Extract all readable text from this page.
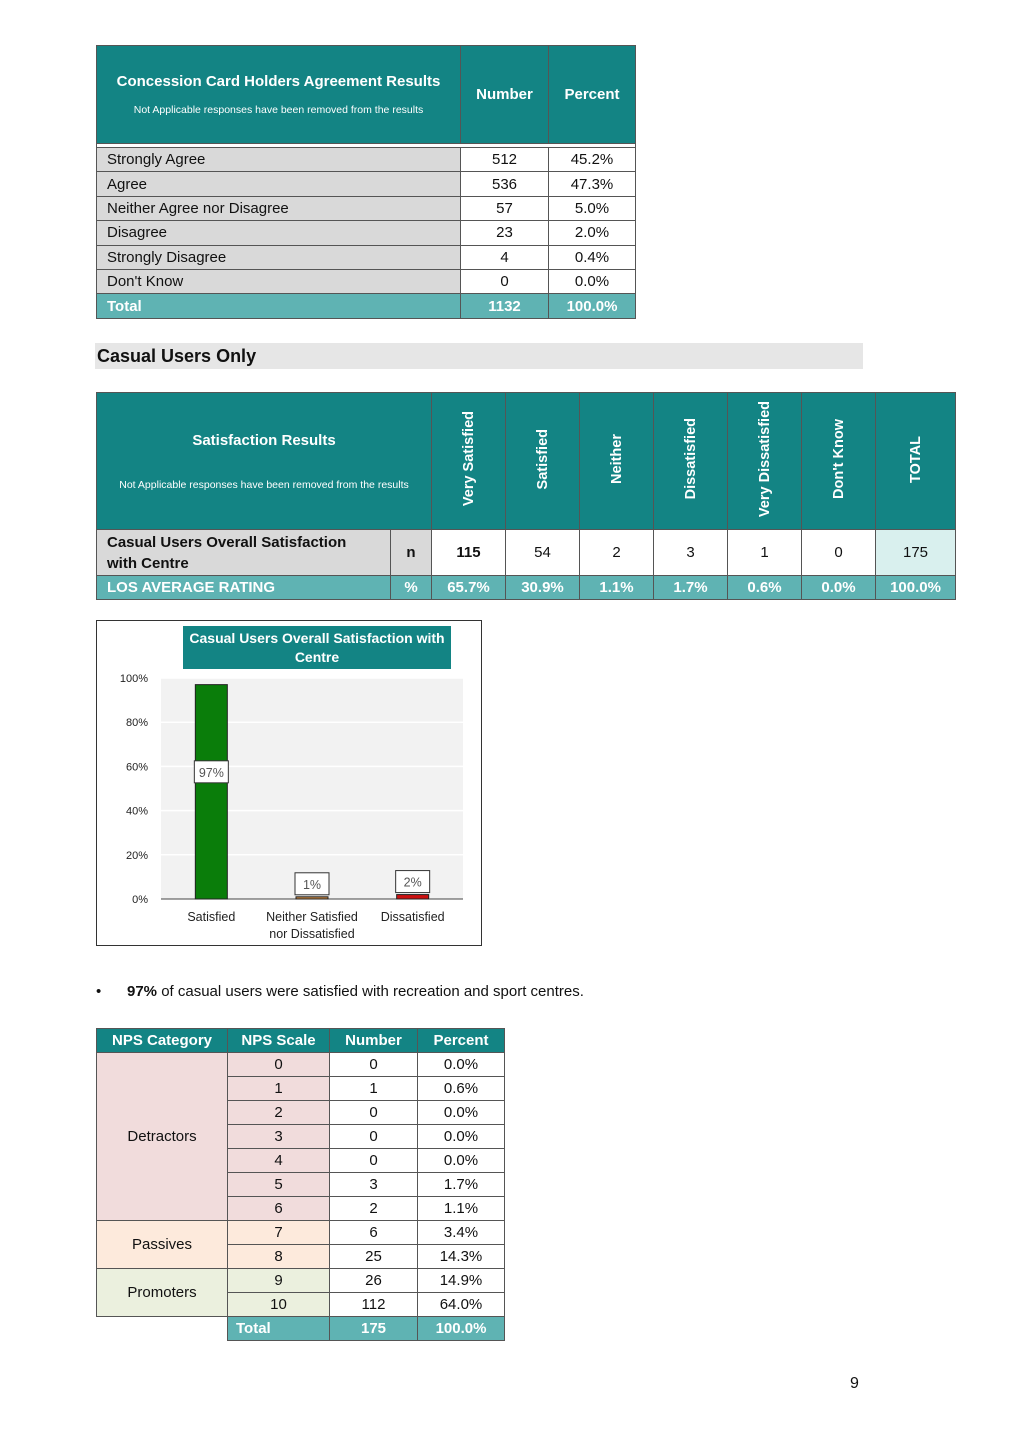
Concession Card Holders Agreement Results
Not Applicable responses have been removed from the results	Number	Percent

Strongly Agree	512	45.2%
Agree	536	47.3%
Neither Agree nor Disagree	57	5.0%
Disagree	23	2.0%
Strongly Disagree	4	0.4%
Don't Know	0	0.0%
Total	1132	100.0%
Casual Users Only
Satisfaction Results
Not Applicable responses have been removed from the results		Very Satisfied	Satisfied	Neither	Dissatisfied	Very Dissatisfied	Don't Know	TOTAL
Casual Users Overall Satisfaction with Centre	n	115	54	2	3	1	0	175
LOS AVERAGE RATING	%	65.7%	30.9%	1.1%	1.7%	0.6%	0.0%	100.0%
0%
20%
40%
60%
80%
100%
97%
Satisfied
1%
Neither Satisfied
nor Dissatisfied
2%
Dissatisfied
Casual Users Overall Satisfaction with Centre
• 97% of casual users were satisfied with recreation and sport centres.
NPS Category	NPS Scale	Number	Percent
Detractors	0	0	0.0%
	1	1	0.6%
	2	0	0.0%
	3	0	0.0%
	4	0	0.0%
	5	3	1.7%
	6	2	1.1%
Passives	7	6	3.4%
	8	25	14.3%
Promoters	9	26	14.9%
	10	112	64.0%
	Total	175	100.0%
9
